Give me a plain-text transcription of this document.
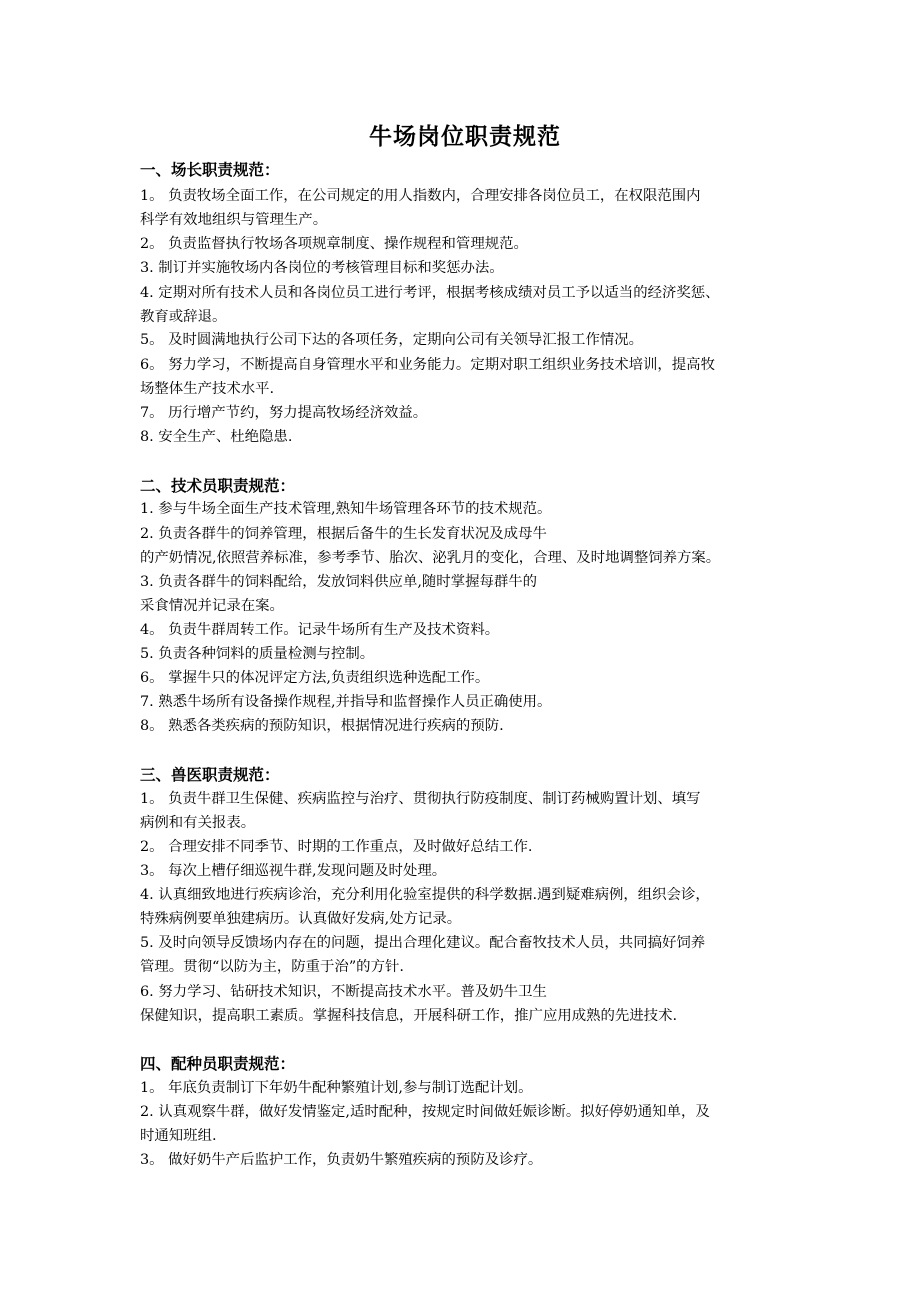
牛场岗位职责规范
一、场长职责规范：
1。 负责牧场全面工作，在公司规定的用人指数内，合理安排各岗位员工，在权限范围内
科学有效地组织与管理生产。
2。 负责监督执行牧场各项规章制度、操作规程和管理规范。
3. 制订并实施牧场内各岗位的考核管理目标和奖惩办法。
4. 定期对所有技术人员和各岗位员工进行考评，根据考核成绩对员工予以适当的经济奖惩、
教育或辞退。
5。 及时圆满地执行公司下达的各项任务，定期向公司有关领导汇报工作情况。
6。 努力学习，不断提高自身管理水平和业务能力。定期对职工组织业务技术培训，提高牧
场整体生产技术水平.
7。 历行增产节约，努力提高牧场经济效益。
8. 安全生产、杜绝隐患.
二、技术员职责规范：
1. 参与牛场全面生产技术管理,熟知牛场管理各环节的技术规范。
2. 负责各群牛的饲养管理，根据后备牛的生长发育状况及成母牛
的产奶情况,依照营养标准，参考季节、胎次、泌乳月的变化，合理、及时地调整饲养方案。
3. 负责各群牛的饲料配给，发放饲料供应单,随时掌握每群牛的
采食情况并记录在案。
4。 负责牛群周转工作。记录牛场所有生产及技术资料。
5. 负责各种饲料的质量检测与控制。
6。 掌握牛只的体况评定方法,负责组织选种选配工作。
7. 熟悉牛场所有设备操作规程,并指导和监督操作人员正确使用。
8。 熟悉各类疾病的预防知识，根据情况进行疾病的预防.
三、兽医职责规范：
1。 负责牛群卫生保健、疾病监控与治疗、贯彻执行防疫制度、制订药械购置计划、填写
病例和有关报表。
2。 合理安排不同季节、时期的工作重点，及时做好总结工作.
3。 每次上槽仔细巡视牛群,发现问题及时处理。
4. 认真细致地进行疾病诊治，充分利用化验室提供的科学数据.遇到疑难病例，组织会诊，
特殊病例要单独建病历。认真做好发病,处方记录。
5. 及时向领导反馈场内存在的问题，提出合理化建议。配合畜牧技术人员，共同搞好饲养
管理。贯彻“以防为主，防重于治”的方针.
6. 努力学习、钻研技术知识，不断提高技术水平。普及奶牛卫生
保健知识，提高职工素质。掌握科技信息，开展科研工作，推广应用成熟的先进技术.
四、配种员职责规范：
1。 年底负责制订下年奶牛配种繁殖计划,参与制订选配计划。
2. 认真观察牛群，做好发情鉴定,适时配种，按规定时间做妊娠诊断。拟好停奶通知单，及
时通知班组.
3。 做好奶牛产后监护工作，负责奶牛繁殖疾病的预防及诊疗。
